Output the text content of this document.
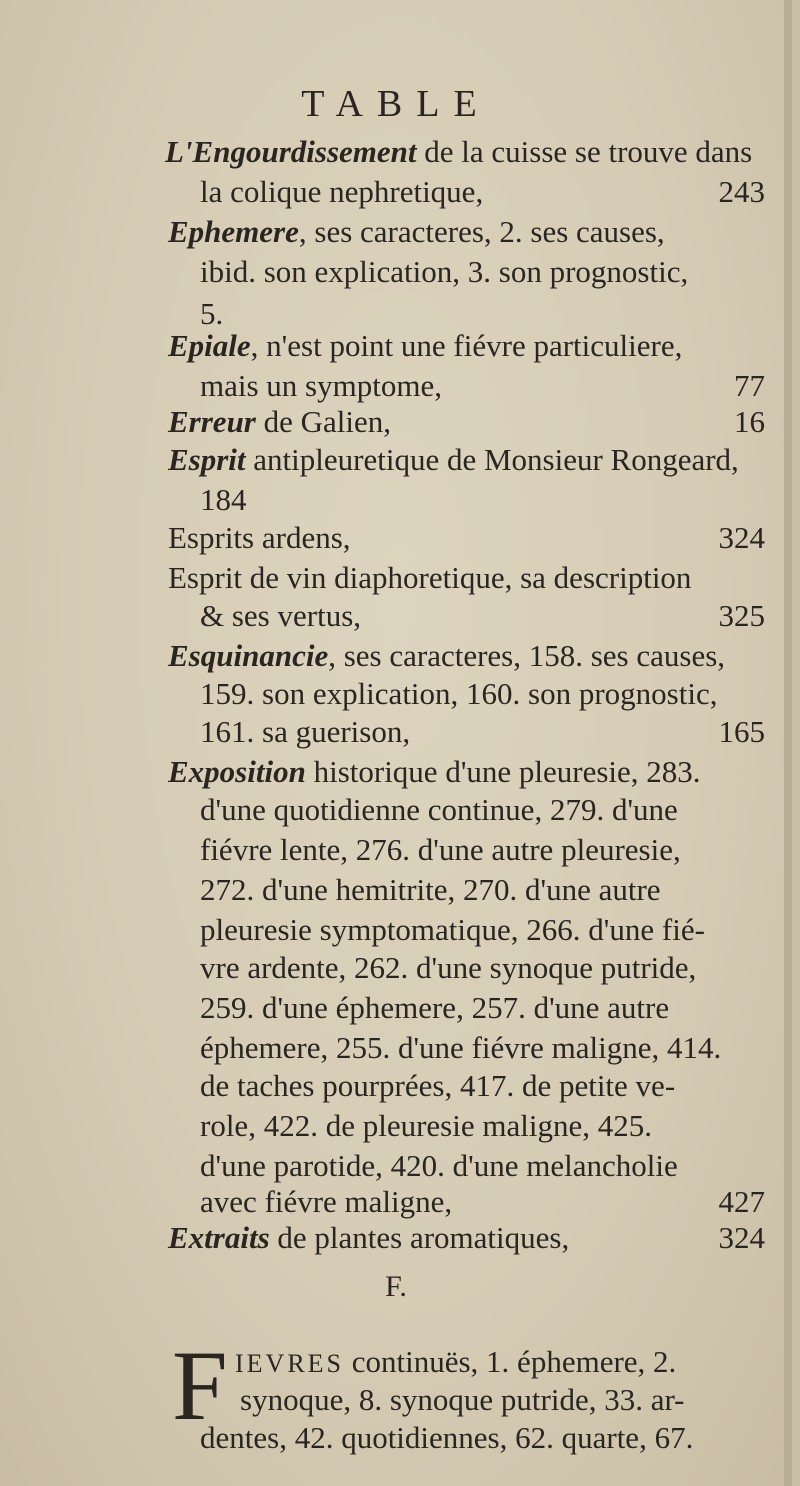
TABLE
L'Engourdissement de la cuisse se trouve dans
la colique nephretique,	243
Ephemere, ses caracteres, 2. ses causes,
ibid. son explication, 3. son prognostic,
5.
Epiale, n'est point une fiévre particuliere,
mais un symptome,	77
Erreur de Galien,	16
Esprit antipleuretique de Monsieur Rongeard,
184
Esprits ardens,	324
Esprit de vin diaphoretique, sa description
& ses vertus,	325
Esquinancie, ses caracteres, 158. ses causes,
159. son explication, 160. son prognostic,
161. sa guerison,	165
Exposition historique d'une pleuresie, 283.
d'une quotidienne continue, 279. d'une
fiévre lente, 276. d'une autre pleuresie,
272. d'une hemitrite, 270. d'une autre
pleuresie symptomatique, 266. d'une fié-
vre ardente, 262. d'une synoque putride,
259. d'une éphemere, 257. d'une autre
éphemere, 255. d'une fiévre maligne, 414.
de taches pourprées, 417. de petite ve-
role, 422. de pleuresie maligne, 425.
d'une parotide, 420. d'une melancholie
avec fiévre maligne,	427
Extraits de plantes aromatiques,	324
F.
F IEVRES continuës, 1. éphemere, 2.
synoque, 8. synoque putride, 33. ar-
dentes, 42. quotidiennes, 62. quarte, 67.
